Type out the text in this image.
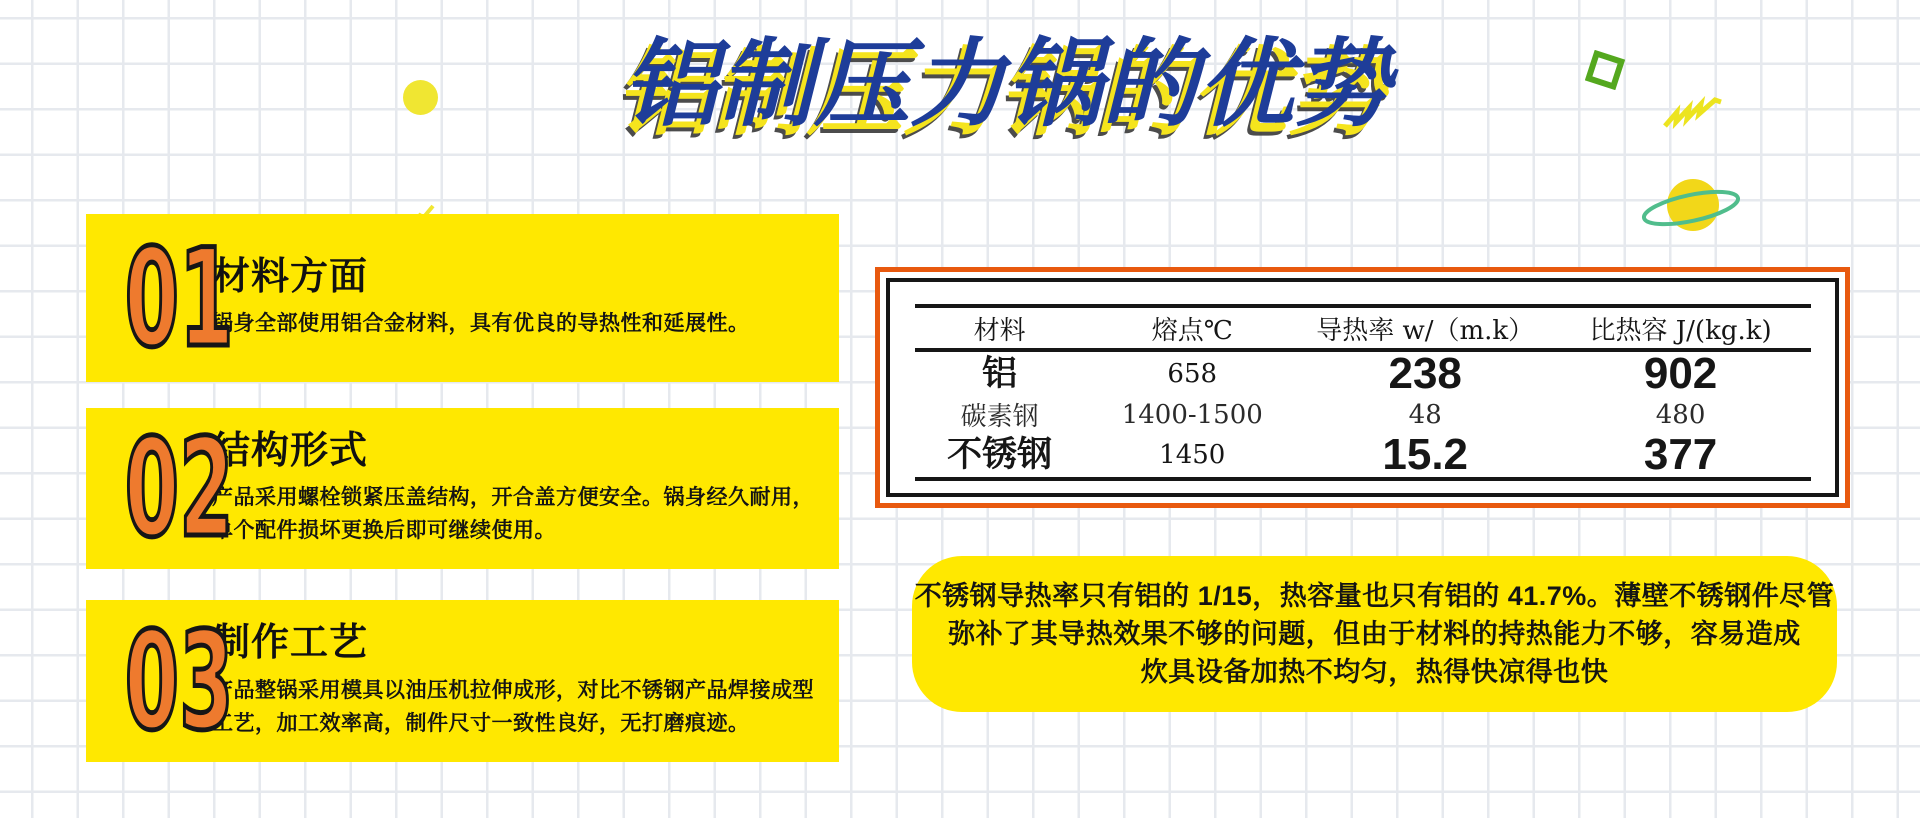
铝制压力锅的优势
01
材料方面

锅身全部使用铝合金材料，具有优良的导热性和延展性。

02
结构形式

产品采用螺栓锁紧压盖结构，开合盖方便安全。锅身经久耐用，单个配件损坏更换后即可继续使用。

03
制作工艺

产品整锅采用模具以油压机拉伸成形，对比不锈钢产品焊接成型工艺，加工效率高，制件尺寸一致性良好，无打磨痕迹。

材料	熔点℃	导热率 w/（m.k）	比热容 J/(kg.k)
铝	658	238	902
碳素钢	1400-1500	48	480
不锈钢	1450	15.2	377
不锈钢导热率只有铝的 1/15，热容量也只有铝的 41.7%。薄壁不锈钢件尽管
弥补了其导热效果不够的问题，但由于材料的持热能力不够，容易造成
炊具设备加热不均匀，热得快凉得也快
